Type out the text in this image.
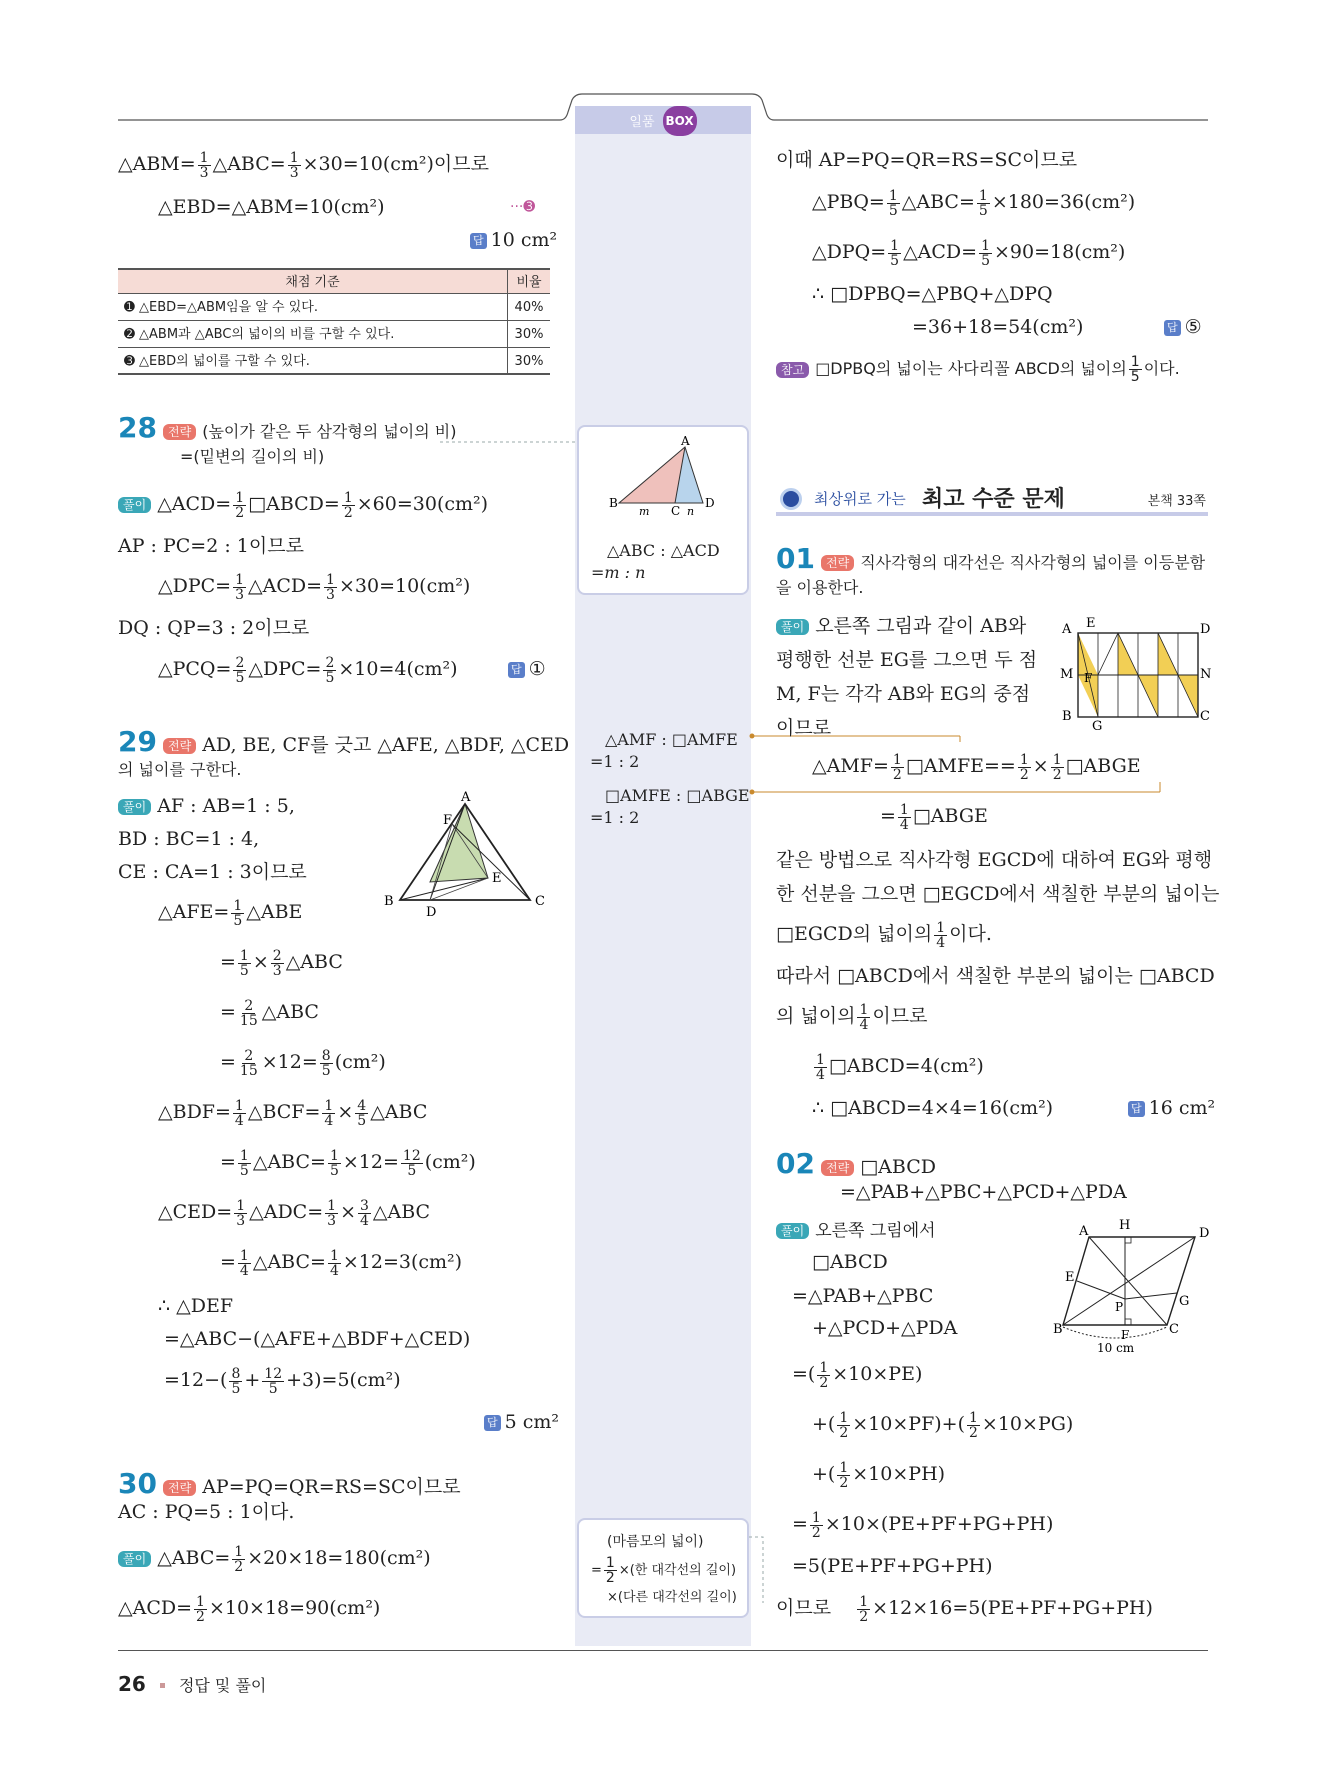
일품 BOX
△ABM= $\frac{1}{3}$ △ABC= $\frac{1}{3} \times 30=10(cm^2)$이므로
△EBD=△ABM=10(cm²)	···➌
답 10 cm²
채점 기준	비율
➊ △EBD=△ABM임을 알 수 있다.	40%
➋ △ABM과 △ABC의 넓이의 비를 구할 수 있다.	30%
➌ △EBD의 넓이를 구할 수 있다.	30%
28 전략 (높이가 같은 두 삼각형의 넓이의 비)
=(밑변의 길이의 비)
풀이 △ACD= $\frac{1}{2}$ □ABCD= $\frac{1}{2} \times 60=30(cm^2)$
AP : PC=2 : 1이므로
△DPC= $\frac{1}{3}$ △ACD= $\frac{1}{3} \times 30=10(cm^2)$
DQ : QP=3 : 2이므로
△PCQ= $\frac{2}{5}$ △DPC= $\frac{2}{5} \times 10=4(cm^2)$	답 ①
29 전략 AD, BE, CF를 긋고 △AFE, △BDF, △CED
의 넓이를 구한다.
풀이 AF : AB=1 : 5,
BD : BC=1 : 4,
CE : CA=1 : 3이므로
A
F
E
B
D
C
△AFE= $\frac{1}{5}$ △ABE
= $\frac{1}{5} \times \frac{2}{3}$ △ABC
= $\frac{2}{15}$ △ABC
= $\frac{2}{15} \times 12= \frac{8}{5} (cm^2)$
△BDF= $\frac{1}{4}$ △BCF= $\frac{1}{4} \times \frac{4}{5}$ △ABC
= $\frac{1}{5}$ △ABC= $\frac{1}{5} \times 12= \frac{12}{5} (cm^2)$
△CED= $\frac{1}{3}$ △ADC= $\frac{1}{3} \times \frac{3}{4}$ △ABC
= $\frac{1}{4}$ △ABC= $\frac{1}{4} \times 12=3(cm^2)$
∴ △DEF
=△ABC−(△AFE+△BDF+△CED)
$=12-( \frac{8}{5} + \frac{12}{5} +3)=5(cm^2)$
답 5 cm²
30 전략 AP=PQ=QR=RS=SC이므로
AC : PQ=5 : 1이다.
풀이 △ABC= $\frac{1}{2} \times 20\times 18=180(cm^2)$
△ACD= $\frac{1}{2} \times 10\times 18=90(cm^2)$
A
B
C
D
m	n
△ABC : △ACD
=m : n
△AMF : □AMFE
=1 : 2
□AMFE : □ABGE
=1 : 2
(마름모의 넓이)
= $\frac{1}{2}$ ×(한 대각선의 길이)
×(다른 대각선의 길이)
이때 AP=PQ=QR=RS=SC이므로
△PBQ= $\frac{1}{5}$ △ABC= $\frac{1}{5} \times 180=36(cm^2)$
△DPQ= $\frac{1}{5}$ △ACD= $\frac{1}{5} \times 90=18(cm^2)$
∴ □DPBQ=△PBQ+△DPQ
=36+18=54(cm²)	답 ⑤
참고 □DPBQ의 넓이는 사다리꼴 ABCD의 넓이의 $\frac{1}{5}$ 이다.
최상위로 가는 최고 수준 문제	본책 33쪽
01 전략 직사각형의 대각선은 직사각형의 넓이를 이등분함
을 이용한다.
풀이 오른쪽 그림과 같이 AB와
평행한 선분 EG를 그으면 두 점
M, F는 각각 AB와 EG의 중점
이므로
A E	D
M F	N
B
G
C
△AMF= $\frac{1}{2}$ □AMFE== $\frac{1}{2} \times \frac{1}{2}$ □ABGE
= $\frac{1}{4}$ □ABGE
같은 방법으로 직사각형 EGCD에 대하여 EG와 평행
한 선분을 그으면 □EGCD에서 색칠한 부분의 넓이는
□EGCD의 넓이의 $\frac{1}{4}$ 이다.
따라서 □ABCD에서 색칠한 부분의 넓이는 □ABCD
의 넓이의 $\frac{1}{4}$ 이므로
$\frac{1}{4}$ □ABCD=4(cm²)
∴ □ABCD=4×4=16(cm²)	답 16 cm²
02 전략 □ABCD
=△PAB+△PBC+△PCD+△PDA
풀이 오른쪽 그림에서
□ABCD
=△PAB+△PBC
+△PCD+△PDA
A H
D
E
P	G
B	F	C
10 cm
=( $\frac{1}{2} \times 10\times PE$)
+( $\frac{1}{2} \times 10\times PF)+( \frac{1}{2} \times 10\times PG)$
+( $\frac{1}{2} \times 10\times PH$)
= $\frac{1}{2} \times 10\times(PE+PF+PG+PH)$
=5(PE+PF+PG+PH)
이므로 $\frac{1}{2} \times 12\times 16=5(PE+PF+PG+PH)$
26 정답 및 풀이
